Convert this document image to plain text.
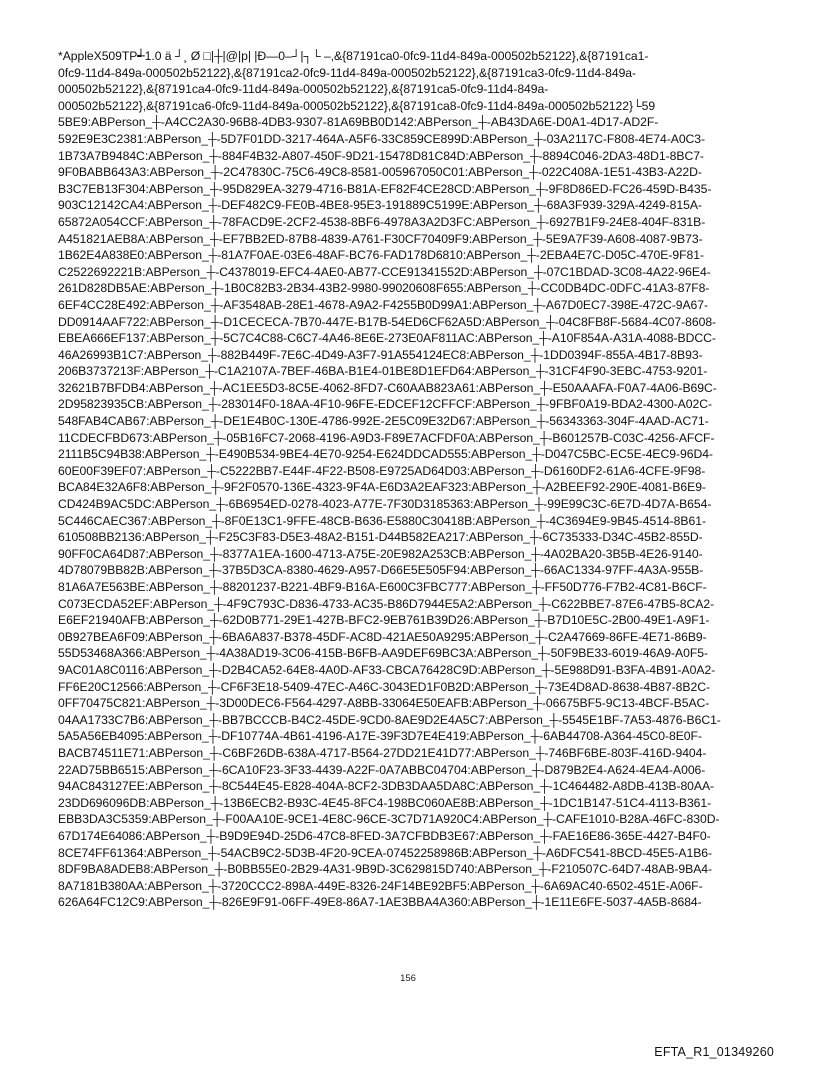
*AppleX509TP┵1.0 ä ┘¸ Ø □|┼|@|p| |Ð—0–┘|┐└ –,&{87191ca0-0fc9-11d4-849a-000502b52122},&{87191ca1-
0fc9-11d4-849a-000502b52122},&{87191ca2-0fc9-11d4-849a-000502b52122},&{87191ca3-0fc9-11d4-849a-
000502b52122},&{87191ca4-0fc9-11d4-849a-000502b52122},&{87191ca5-0fc9-11d4-849a-
000502b52122},&{87191ca6-0fc9-11d4-849a-000502b52122},&{87191ca8-0fc9-11d4-849a-000502b52122}└59
5BE9:ABPerson_┼-A4CC2A30-96B8-4DB3-9307-81A69BB0D142:ABPerson_┼-AB43DA6E-D0A1-4D17-AD2F-
592E9E3C2381:ABPerson_┼-5D7F01DD-3217-464A-A5F6-33C859CE899D:ABPerson_┼-03A2117C-F808-4E74-A0C3-
1B73A7B9484C:ABPerson_┼-884F4B32-A807-450F-9D21-15478D81C84D:ABPerson_┼-8894C046-2DA3-48D1-8BC7-
9F0BABB643A3:ABPerson_┼-2C47830C-75C6-49C8-8581-005967050C01:ABPerson_┼-022C408A-1E51-43B3-A22D-
B3C7EB13F304:ABPerson_┼-95D829EA-3279-4716-B81A-EF82F4CE28CD:ABPerson_┼-9F8D86ED-FC26-459D-B435-
903C12142CA4:ABPerson_┼-DEF482C9-FE0B-4BE8-95E3-191889C5199E:ABPerson_┼-68A3F939-329A-4249-815A-
65872A054CCF:ABPerson_┼-78FACD9E-2CF2-4538-8BF6-4978A3A2D3FC:ABPerson_┼-6927B1F9-24E8-404F-831B-
A451821AEB8A:ABPerson_┼-EF7BB2ED-87B8-4839-A761-F30CF70409F9:ABPerson_┼-5E9A7F39-A608-4087-9B73-
1B62E4A838E0:ABPerson_┼-81A7F0AE-03E6-48AF-BC76-FAD178D6810:ABPerson_┼-2EBA4E7C-D05C-470E-9F81-
C2522692221B:ABPerson_┼-C4378019-EFC4-4AE0-AB77-CCE91341552D:ABPerson_┼-07C1BDAD-3C08-4A22-96E4-
261D828DB5AE:ABPerson_┼-1B0C82B3-2B34-43B2-9980-99020608F655:ABPerson_┼-CC0DB4DC-0DFC-41A3-87F8-
6EF4CC28E492:ABPerson_┼-AF3548AB-28E1-4678-A9A2-F4255B0D99A1:ABPerson_┼-A67D0EC7-398E-472C-9A67-
DD0914AAF722:ABPerson_┼-D1CECECA-7B70-447E-B17B-54ED6CF62A5D:ABPerson_┼-04C8FB8F-5684-4C07-8608-
EBEA666EF137:ABPerson_┼-5C7C4C88-C6C7-4A46-8E6E-273E0AF811AC:ABPerson_┼-A10F854A-A31A-4088-BDCC-
46A26993B1C7:ABPerson_┼-882B449F-7E6C-4D49-A3F7-91A554124EC8:ABPerson_┼-1DD0394F-855A-4B17-8B93-
206B3737213F:ABPerson_┼-C1A2107A-7BEF-46BA-B1E4-01BE8D1EFD64:ABPerson_┼-31CF4F90-3EBC-4753-9201-
32621B7BFDB4:ABPerson_┼-AC1EE5D3-8C5E-4062-8FD7-C60AAB823A61:ABPerson_┼-E50AAAFA-F0A7-4A06-B69C-
2D95823935CB:ABPerson_┼-283014F0-18AA-4F10-96FE-EDCEF12CFFCF:ABPerson_┼-9FBF0A19-BDA2-4300-A02C-
548FAB4CAB67:ABPerson_┼-DE1E4B0C-130E-4786-992E-2E5C09E32D67:ABPerson_┼-56343363-304F-4AAD-AC71-
11CDECFBD673:ABPerson_┼-05B16FC7-2068-4196-A9D3-F89E7ACFDF0A:ABPerson_┼-B601257B-C03C-4256-AFCF-
2111B5C94B38:ABPerson_┼-E490B534-9BE4-4E70-9254-E624DDCAD555:ABPerson_┼-D047C5BC-EC5E-4EC9-96D4-
60E00F39EF07:ABPerson_┼-C5222BB7-E44F-4F22-B508-E9725AD64D03:ABPerson_┼-D6160DF2-61A6-4CFE-9F98-
BCA84E32A6F8:ABPerson_┼-9F2F0570-136E-4323-9F4A-E6D3A2EAF323:ABPerson_┼-A2BEEF92-290E-4081-B6E9-
CD424B9AC5DC:ABPerson_┼-6B6954ED-0278-4023-A77E-7F30D3185363:ABPerson_┼-99E99C3C-6E7D-4D7A-B654-
5C446CAEC367:ABPerson_┼-8F0E13C1-9FFE-48CB-B636-E5880C30418B:ABPerson_┼-4C3694E9-9B45-4514-8B61-
610508BB2136:ABPerson_┼-F25C3F83-D5E3-48A2-B151-D44B582EA217:ABPerson_┼-6C735333-D34C-45B2-855D-
90FF0CA64D87:ABPerson_┼-8377A1EA-1600-4713-A75E-20E982A253CB:ABPerson_┼-4A02BA20-3B5B-4E26-9140-
4D78079BB82B:ABPerson_┼-37B5D3CA-8380-4629-A957-D66E5E505F94:ABPerson_┼-66AC1334-97FF-4A3A-955B-
81A6A7E563BE:ABPerson_┼-88201237-B221-4BF9-B16A-E600C3FBC777:ABPerson_┼-FF50D776-F7B2-4C81-B6CF-
C073ECDA52EF:ABPerson_┼-4F9C793C-D836-4733-AC35-B86D7944E5A2:ABPerson_┼-C622BBE7-87E6-47B5-8CA2-
E6EF21940AFB:ABPerson_┼-62D0B771-29E1-427B-BFC2-9EB761B39D26:ABPerson_┼-B7D10E5C-2B00-49E1-A9F1-
0B927BEA6F09:ABPerson_┼-6BA6A837-B378-45DF-AC8D-421AE50A9295:ABPerson_┼-C2A47669-86FE-4E71-86B9-
55D53468A366:ABPerson_┼-4A38AD19-3C06-415B-B6FB-AA9DEF69BC3A:ABPerson_┼-50F9BE33-6019-46A9-A0F5-
9AC01A8C0116:ABPerson_┼-D2B4CA52-64E8-4A0D-AF33-CBCA76428C9D:ABPerson_┼-5E988D91-B3FA-4B91-A0A2-
FF6E20C12566:ABPerson_┼-CF6F3E18-5409-47EC-A46C-3043ED1F0B2D:ABPerson_┼-73E4D8AD-8638-4B87-8B2C-
0FF70475C821:ABPerson_┼-3D00DEC6-F564-4297-A8BB-33064E50EAFB:ABPerson_┼-06675BF5-9C13-4BCF-B5AC-
04AA1733C7B6:ABPerson_┼-BB7BCCCB-B4C2-45DE-9CD0-8AE9D2E4A5C7:ABPerson_┼-5545E1BF-7A53-4876-B6C1-
5A5A56EB4095:ABPerson_┼-DF10774A-4B61-4196-A17E-39F3D7E4E419:ABPerson_┼-6AB44708-A364-45C0-8E0F-
BACB74511E71:ABPerson_┼-C6BF26DB-638A-4717-B564-27DD21E41D77:ABPerson_┼-746BF6BE-803F-416D-9404-
22AD75BB6515:ABPerson_┼-6CA10F23-3F33-4439-A22F-0A7ABBC04704:ABPerson_┼-D879B2E4-A624-4EA4-A006-
94AC843127EE:ABPerson_┼-8C544E45-E828-404A-8CF2-3DB3DAA5DA8C:ABPerson_┼-1C464482-A8DB-413B-80AA-
23DD696096DB:ABPerson_┼-13B6ECB2-B93C-4E45-8FC4-198BC060AE8B:ABPerson_┼-1DC1B147-51C4-4113-B361-
EBB3DA3C5359:ABPerson_┼-F00AA10E-9CE1-4E8C-96CE-3C7D71A920C4:ABPerson_┼-CAFE1010-B28A-46FC-830D-
67D174E64086:ABPerson_┼-B9D9E94D-25D6-47C8-8FED-3A7CFBDB3E67:ABPerson_┼-FAE16E86-365E-4427-B4F0-
8CE74FF61364:ABPerson_┼-54ACB9C2-5D3B-4F20-9CEA-07452258986B:ABPerson_┼-A6DFC541-8BCD-45E5-A1B6-
8DF9BA8ADEB8:ABPerson_┼-B0BB55E0-2B29-4A31-9B9D-3C629815D740:ABPerson_┼-F210507C-64D7-48AB-9BA4-
8A7181B380AA:ABPerson_┼-3720CCC2-898A-449E-8326-24F14BE92BF5:ABPerson_┼-6A69AC40-6502-451E-A06F-
626A64FC12C9:ABPerson_┼-826E9F91-06FF-49E8-86A7-1AE3BBA4A360:ABPerson_┼-1E11E6FE-5037-4A5B-8684-
156
EFTA_R1_01349260
